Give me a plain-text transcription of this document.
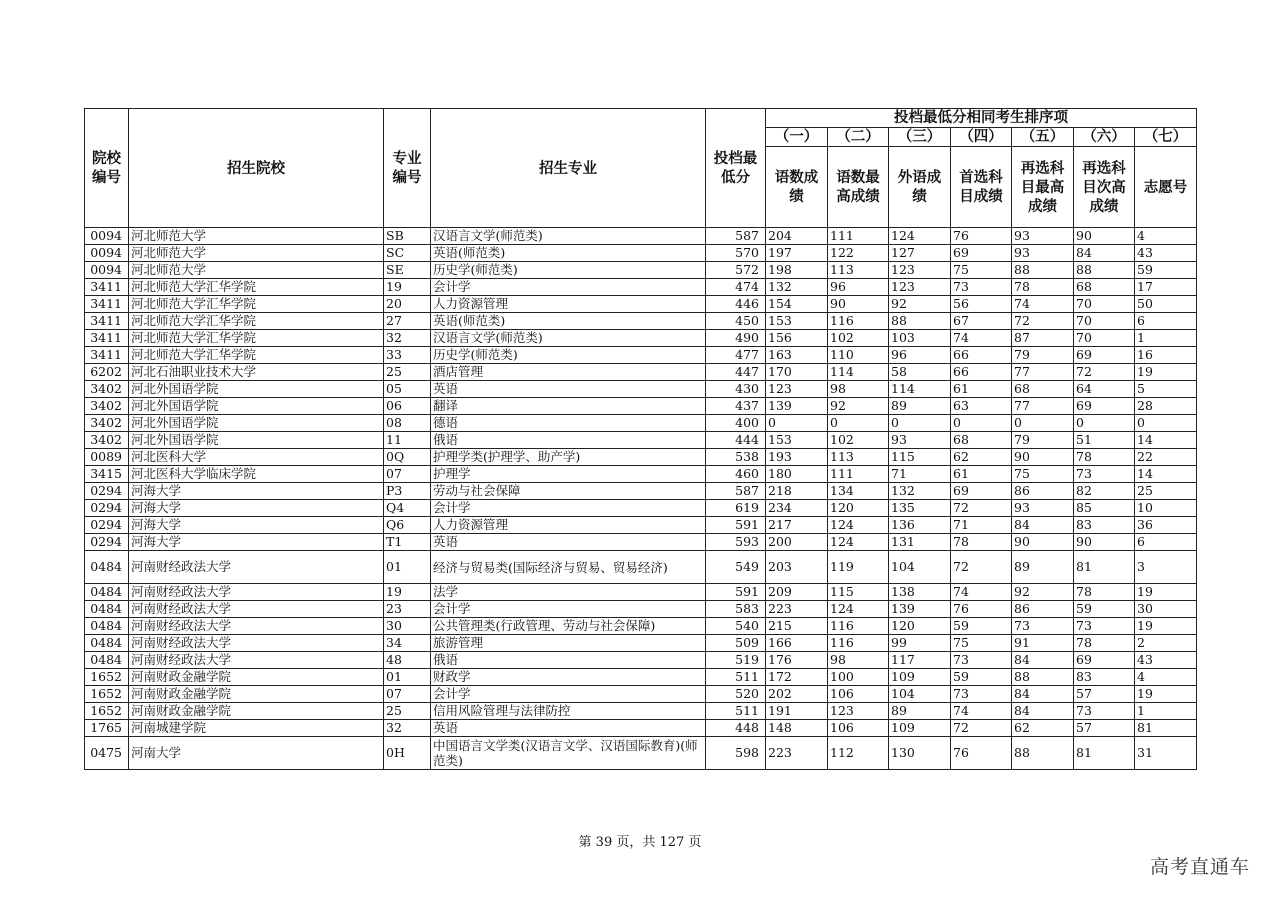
院校编号	招生院校	专业编号	招生专业	投档最低分	投档最低分相同考生排序项						
					（一）	（二）	（三）	（四）	（五）	（六）	（七）
					语数成绩	语数最高成绩	外语成绩	首选科目成绩	再选科目最高成绩	再选科目次高成绩	志愿号
0094	河北师范大学	SB	汉语言文学(师范类)	587	204	111	124	76	93	90	4
0094	河北师范大学	SC	英语(师范类)	570	197	122	127	69	93	84	43
0094	河北师范大学	SE	历史学(师范类)	572	198	113	123	75	88	88	59
3411	河北师范大学汇华学院	19	会计学	474	132	96	123	73	78	68	17
3411	河北师范大学汇华学院	20	人力资源管理	446	154	90	92	56	74	70	50
3411	河北师范大学汇华学院	27	英语(师范类)	450	153	116	88	67	72	70	6
3411	河北师范大学汇华学院	32	汉语言文学(师范类)	490	156	102	103	74	87	70	1
3411	河北师范大学汇华学院	33	历史学(师范类)	477	163	110	96	66	79	69	16
6202	河北石油职业技术大学	25	酒店管理	447	170	114	58	66	77	72	19
3402	河北外国语学院	05	英语	430	123	98	114	61	68	64	5
3402	河北外国语学院	06	翻译	437	139	92	89	63	77	69	28
3402	河北外国语学院	08	德语	400	0	0	0	0	0	0	0
3402	河北外国语学院	11	俄语	444	153	102	93	68	79	51	14
0089	河北医科大学	0Q	护理学类(护理学、助产学)	538	193	113	115	62	90	78	22
3415	河北医科大学临床学院	07	护理学	460	180	111	71	61	75	73	14
0294	河海大学	P3	劳动与社会保障	587	218	134	132	69	86	82	25
0294	河海大学	Q4	会计学	619	234	120	135	72	93	85	10
0294	河海大学	Q6	人力资源管理	591	217	124	136	71	84	83	36
0294	河海大学	T1	英语	593	200	124	131	78	90	90	6
0484	河南财经政法大学	01	经济与贸易类(国际经济与贸易、贸易经济)	549	203	119	104	72	89	81	3
0484	河南财经政法大学	19	法学	591	209	115	138	74	92	78	19
0484	河南财经政法大学	23	会计学	583	223	124	139	76	86	59	30
0484	河南财经政法大学	30	公共管理类(行政管理、劳动与社会保障)	540	215	116	120	59	73	73	19
0484	河南财经政法大学	34	旅游管理	509	166	116	99	75	91	78	2
0484	河南财经政法大学	48	俄语	519	176	98	117	73	84	69	43
1652	河南财政金融学院	01	财政学	511	172	100	109	59	88	83	4
1652	河南财政金融学院	07	会计学	520	202	106	104	73	84	57	19
1652	河南财政金融学院	25	信用风险管理与法律防控	511	191	123	89	74	84	73	1
1765	河南城建学院	32	英语	448	148	106	109	72	62	57	81
0475	河南大学	0H	中国语言文学类(汉语言文学、汉语国际教育)(师范类)	598	223	112	130	76	88	81	31
第 39 页，共 127 页
高考直通车
